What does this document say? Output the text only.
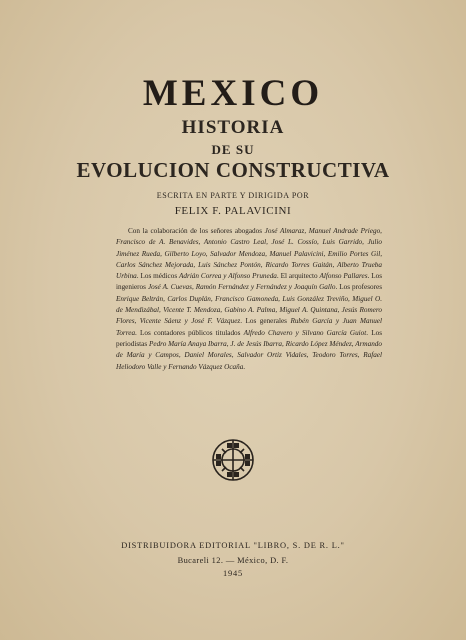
MEXICO
HISTORIA
DE SU
EVOLUCION CONSTRUCTIVA
ESCRITA EN PARTE Y DIRIGIDA POR
FELIX F. PALAVICINI
Con la colaboración de los señores abogados José Almaraz, Manuel Andrade Priego, Francisco de A. Benavides, Antonio Castro Leal, José L. Cossío, Luis Garrido, Julio Jiménez Rueda, Gilberto Loyo, Salvador Mendoza, Manuel Palavicini, Emilio Portes Gil, Carlos Sánchez Mejorada, Luis Sánchez Pontón, Ricardo Torres Gaitán, Alberto Trueba Urbina. Los médicos Adrián Correa y Alfonso Pruneda. El arquitecto Alfonso Pallares. Los ingenieros José A. Cuevas, Ramón Fernández y Fernández y Joaquín Gallo. Los profesores Enrique Beltrán, Carlos Duplán, Francisco Gamoneda, Luis González Treviño, Miguel O. de Mendizábal, Vicente T. Mendoza, Gabino A. Palma, Miguel A. Quintana, Jesús Romero Flores, Vicente Sáenz y José F. Vázquez. Los generales Rubén García y Juan Manuel Torrea. Los contadores públicos titulados Alfredo Chavero y Silvano García Guiot. Los periodistas Pedro María Anaya Ibarra, J. de Jesús Ibarra, Ricardo López Méndez, Armando de María y Campos, Daniel Morales, Salvador Ortiz Vidales, Teodoro Torres, Rafael Heliodoro Valle y Fernando Vázquez Ocaña.
DISTRIBUIDORA EDITORIAL "LIBRO, S. DE R. L."
Bucareli 12. — México, D. F.
1945
